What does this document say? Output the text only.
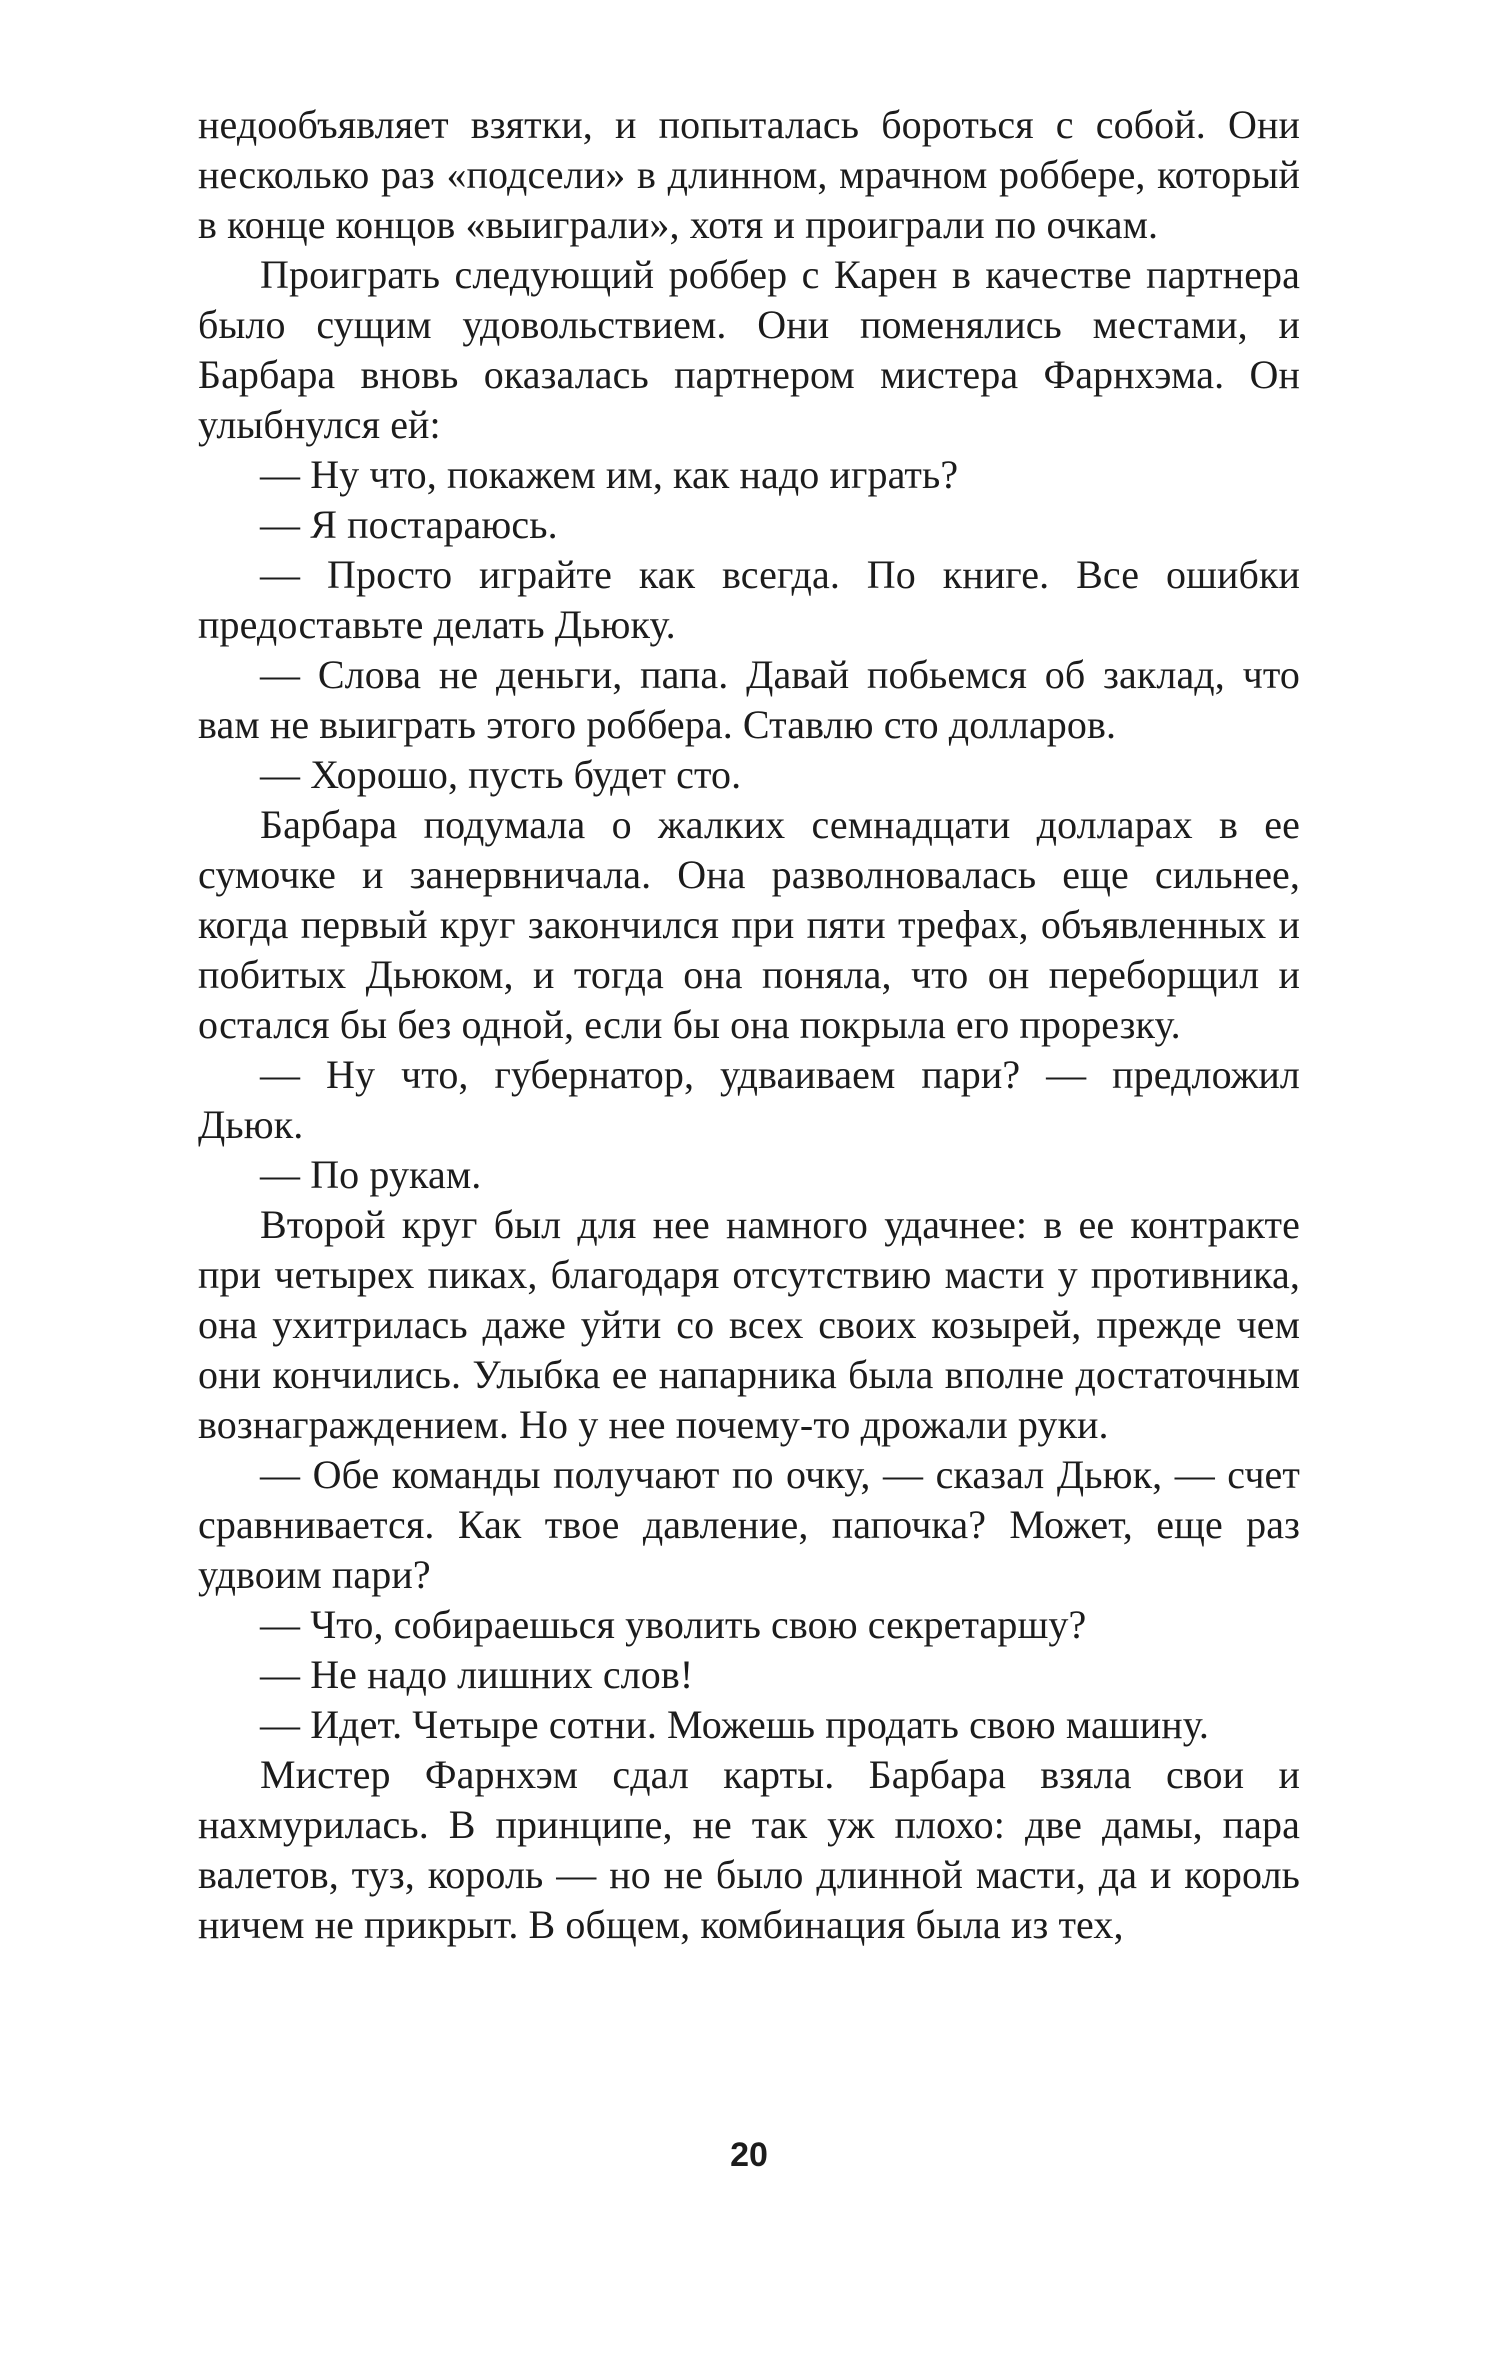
недообъявляет взятки, и попыталась бороться с собой. Они несколько раз «подсели» в длинном, мрачном роббере, который в конце концов «выиграли», хотя и проиграли по очкам.

Проиграть следующий роббер с Карен в качестве партнера было сущим удовольствием. Они поменялись местами, и Барбара вновь оказалась партнером мистера Фарнхэма. Он улыбнулся ей:

— Ну что, покажем им, как надо играть?

— Я постараюсь.

— Просто играйте как всегда. По книге. Все ошибки предоставьте делать Дьюку.

— Слова не деньги, папа. Давай побьемся об заклад, что вам не выиграть этого роббера. Ставлю сто долларов.

— Хорошо, пусть будет сто.

Барбара подумала о жалких семнадцати долларах в ее сумочке и занервничала. Она разволновалась еще сильнее, когда первый круг закончился при пяти трефах, объявленных и побитых Дьюком, и тогда она поняла, что он переборщил и остался бы без одной, если бы она покрыла его прорезку.

— Ну что, губернатор, удваиваем пари? — предложил Дьюк.

— По рукам.

Второй круг был для нее намного удачнее: в ее контракте при четырех пиках, благодаря отсутствию масти у противника, она ухитрилась даже уйти со всех своих козырей, прежде чем они кончились. Улыбка ее напарника была вполне достаточным вознаграждением. Но у нее почему-то дрожали руки.

— Обе команды получают по очку, — сказал Дьюк, — счет сравнивается. Как твое давление, папочка? Может, еще раз удвоим пари?

— Что, собираешься уволить свою секретаршу?

— Не надо лишних слов!

— Идет. Четыре сотни. Можешь продать свою машину.

Мистер Фарнхэм сдал карты. Барбара взяла свои и нахмурилась. В принципе, не так уж плохо: две дамы, пара валетов, туз, король — но не было длинной масти, да и король ничем не прикрыт. В общем, комбинация была из тех,

20
